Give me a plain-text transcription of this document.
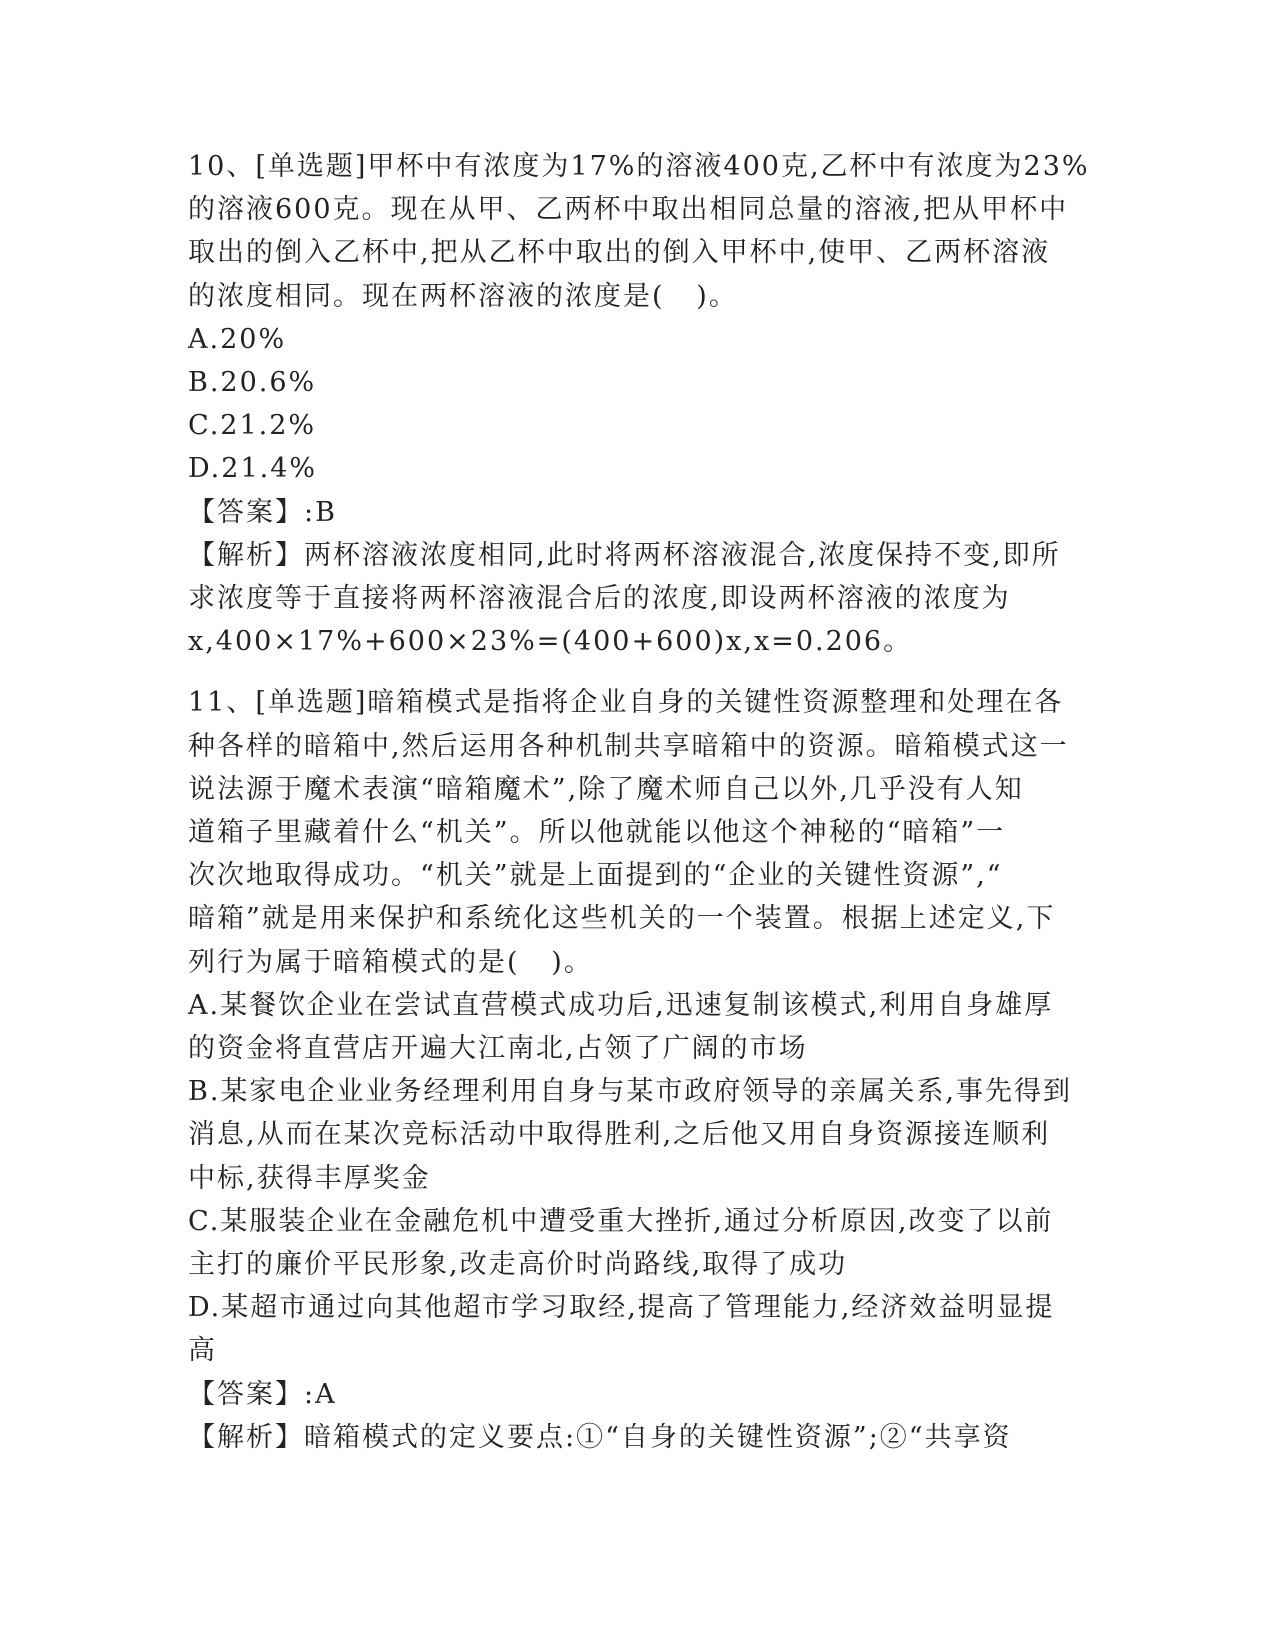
10、[单选题]甲杯中有浓度为17%的溶液400克,乙杯中有浓度为23%
的溶液600克。现在从甲、乙两杯中取出相同总量的溶液,把从甲杯中
取出的倒入乙杯中,把从乙杯中取出的倒入甲杯中,使甲、乙两杯溶液
的浓度相同。现在两杯溶液的浓度是(   )。
A.20%
B.20.6%
C.21.2%
D.21.4%
【答案】:B
【解析】两杯溶液浓度相同,此时将两杯溶液混合,浓度保持不变,即所
求浓度等于直接将两杯溶液混合后的浓度,即设两杯溶液的浓度为
x,400×17%+600×23%=(400+600)x,x=0.206。
11、[单选题]暗箱模式是指将企业自身的关键性资源整理和处理在各
种各样的暗箱中,然后运用各种机制共享暗箱中的资源。暗箱模式这一
说法源于魔术表演“暗箱魔术”,除了魔术师自己以外,几乎没有人知
道箱子里藏着什么“机关”。所以他就能以他这个神秘的“暗箱”一
次次地取得成功。“机关”就是上面提到的“企业的关键性资源”,“
暗箱”就是用来保护和系统化这些机关的一个装置。根据上述定义,下
列行为属于暗箱模式的是(   )。
A.某餐饮企业在尝试直营模式成功后,迅速复制该模式,利用自身雄厚
的资金将直营店开遍大江南北,占领了广阔的市场
B.某家电企业业务经理利用自身与某市政府领导的亲属关系,事先得到
消息,从而在某次竞标活动中取得胜利,之后他又用自身资源接连顺利
中标,获得丰厚奖金
C.某服装企业在金融危机中遭受重大挫折,通过分析原因,改变了以前
主打的廉价平民形象,改走高价时尚路线,取得了成功
D.某超市通过向其他超市学习取经,提高了管理能力,经济效益明显提
高
【答案】:A
【解析】暗箱模式的定义要点:①“自身的关键性资源”;②“共享资
